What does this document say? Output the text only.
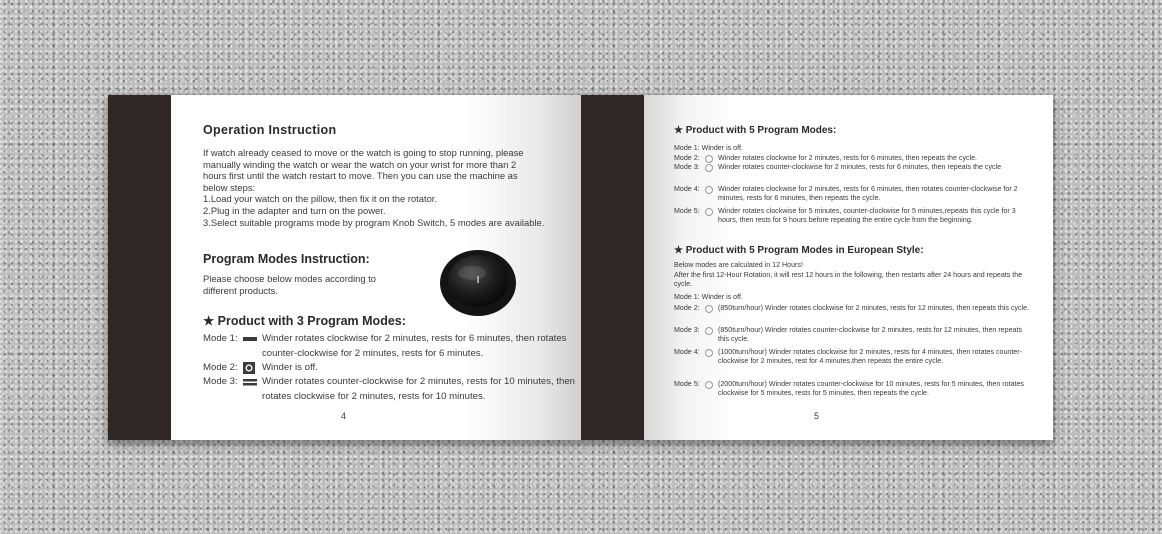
Operation Instruction
If watch already ceased to move or the watch is going to stop running, please
manually winding the watch or wear the watch on your wrist for more than 2
hours first until the watch restart to move. Then you can use the machine as
below steps:
1.Load your watch on the pillow, then fix it on the rotator.
2.Plug in the adapter and turn on the power.
3.Select suitable programs mode by program Knob Switch, 5 modes are available.
Program Modes Instruction:
Please choose below modes according to
different products.
★ Product with 3 Program Modes:
Mode 1:	Winder rotates clockwise for 2 minutes, rests for 6 minutes, then rotates counter-clockwise for 2 minutes, rests for 6 minutes.
Mode 2:	Winder is off.
Mode 3:	Winder rotates counter-clockwise for 2 minutes, rests for 10 minutes, then rotates clockwise for 2 minutes, rests for 10 minutes.
4
★ Product with 5 Program Modes:
Mode 1: Winder is off.
Mode 2:	Winder rotates clockwise for 2 minutes, rests for 6 minutes, then repeats the cycle.
Mode 3:	Winder rotates counter-clockwise for 2 minutes, rests for 6 minutes, then repeats the cycle
Mode 4:	Winder rotates clockwise for 2 minutes, rests for 6 minutes, then rotates counter-clockwise for 2 minutes, rests for 6 minutes, then repeats the cycle.
Mode 5:	Winder rotates clockwise for 5 minutes, counter-clockwise for 5 minutes,repeats this cycle for 3 hours, then rests for 9 hours before repeating the entire cycle from the beginning.
★ Product with 5 Program Modes in European Style:
Below modes are calculated in 12 Hours!
After the first 12-Hour Rotation, it will rest 12 hours in the following, then restarts after 24 hours and repeats the cycle.
Mode 1: Winder is off.
Mode 2:	(850turn/hour) Winder rotates clockwise for 2 minutes, rests for 12 minutes, then repeats this cycle.
Mode 3:	(850turn/hour) Winder rotates counter-clockwise for 2 minutes, rests for 12 minutes, then repeats this cycle.
Mode 4:	(1000turn/hour) Winder rotates clockwise for 2 minutes, rests for 4 minutes, then rotates counter-clockwise for 2 minutes, rest for 4 minutes,then repeats the entire cycle.
Mode 5:	(2000turn/hour) Winder rotates counter-clockwise for 10 minutes, rests for 5 minutes, then rotates clockwise for 5 minutes, rests for 5 minutes, then repeats the cycle.
5
